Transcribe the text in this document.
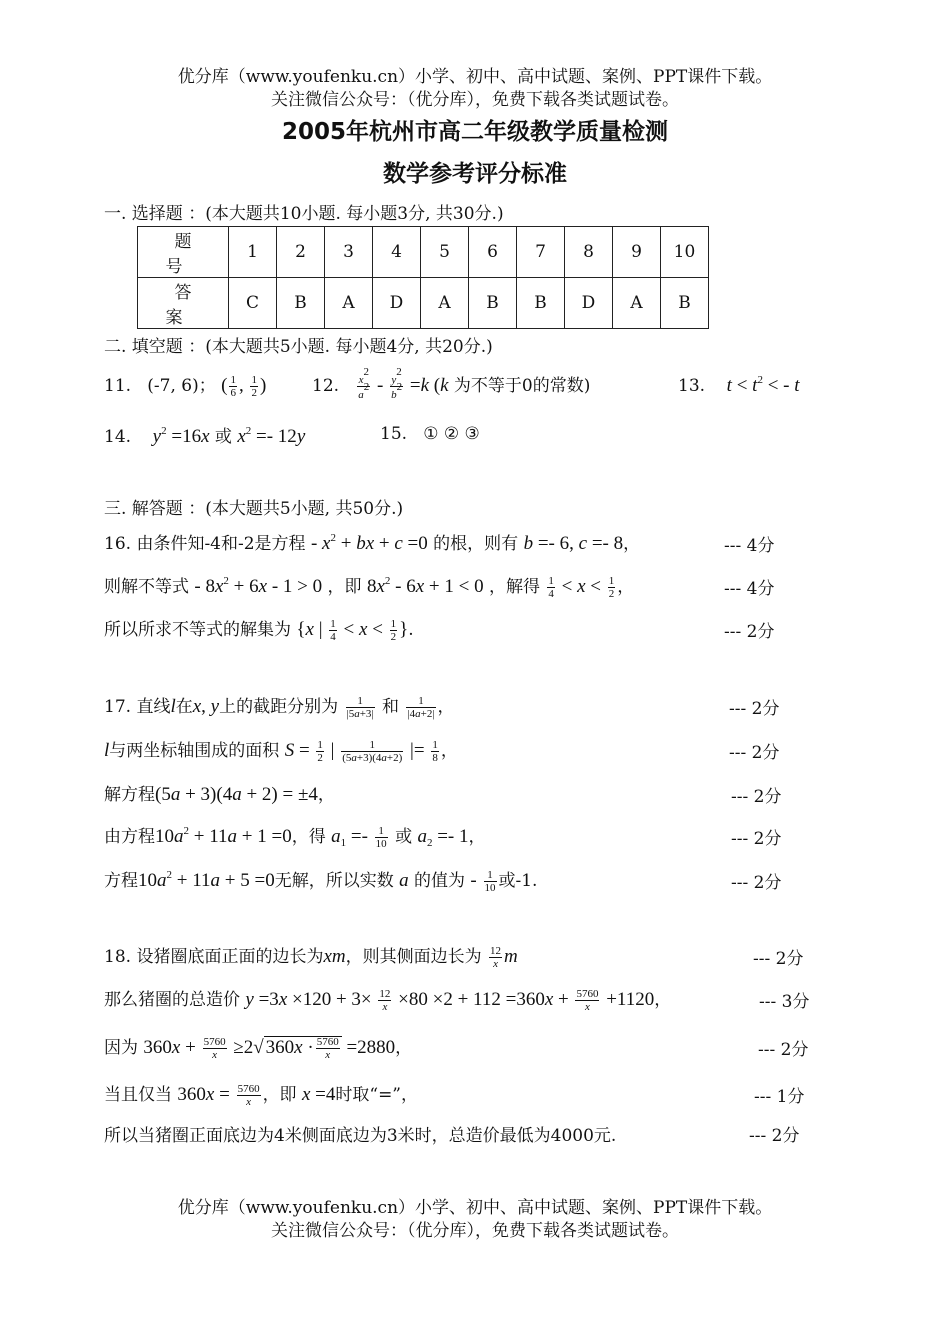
优分库（www.youfenku.cn）小学、初中、高中试题、案例、PPT课件下载。
关注微信公众号：（优分库），免费下载各类试题试卷。
2005年杭州市高二年级教学质量检测
数学参考评分标准
一. 选择题 ：(本大题共10小题. 每小题3分, 共30分.)
题 号	1	2	3	4	5	6	7	8	9	10
答 案	C	B	A	D	A	B	B	D	A	B
二. 填空题 ：(本大题共5小题. 每小题4分, 共20分.)
11. (-7, 6)； ( $\frac{1}{6}$ , $\frac{1}{2}$ )	12. $\frac{x^2}{a^2} - \frac{y^2}{b^2} =k$ (k 为不等于0的常数)	13. $t < t^2$ < - t
14. $y^2 =16x$ 或 $x^2 =- 12y$	15. ① ② ③
三. 解答题 ：(本大题共5小题, 共50分.)
16. 由条件知-4和-2是方程 - $x^2$ + bx + c =0 的根，则有 b =- 6, c =- 8，	--- 4分
则解不等式 - $8x^2 + 6x - 1 > 0$ ，即 $8x^2 - 6x + 1 < 0$ ，解得 $\frac{1}{4} < x < \frac{1}{2}$ ，	--- 4分
所以所求不等式的解集为 {x | $\frac{1}{4} < x < \frac{1}{2}$ }.	--- 2分
17. 直线l在x, y上的截距分别为 $\frac{1}{|5a+3|}$ 和 $\frac{1}{|4a+2|}$ ，	--- 2分
l与两坐标轴围成的面积 $S = \frac{1}{2}$ | $\frac{1}{(5a+3)(4a+2)}$ |= $\frac{1}{8}$ ，	--- 2分
解方程(5a + 3)(4a + 2) = ±4，	--- 2分
由方程$10a^2 + 11a + 1 =0$，得 $a_1 =- \frac{1}{10}$ 或 $a_2 =- 1$，	--- 2分
方程$10a^2 + 11a + 5 =0$无解，所以实数 a 的值为 - $\frac{1}{10}$ 或-1.	--- 2分
18. 设猪圈底面正面的边长为xm，则其侧面边长为 $\frac{12}{x}$ m	--- 2分
那么猪圈的总造价 $y =3x \times 120 + 3\times \frac{12}{x} \times 80 \times 2 + 112 =360x + \frac{5760}{x} +1120$，	--- 3分
因为 $360x + \frac{5760}{x} \ge 2√$ $360x \cdot \frac{5760}{x} =2880$，	--- 2分
当且仅当 $360x = \frac{5760}{x}$ ，即 x =4时取“=”，	--- 1分
所以当猪圈正面底边为4米侧面底边为3米时，总造价最低为4000元.	--- 2分
优分库（www.youfenku.cn）小学、初中、高中试题、案例、PPT课件下载。
关注微信公众号：（优分库），免费下载各类试题试卷。
